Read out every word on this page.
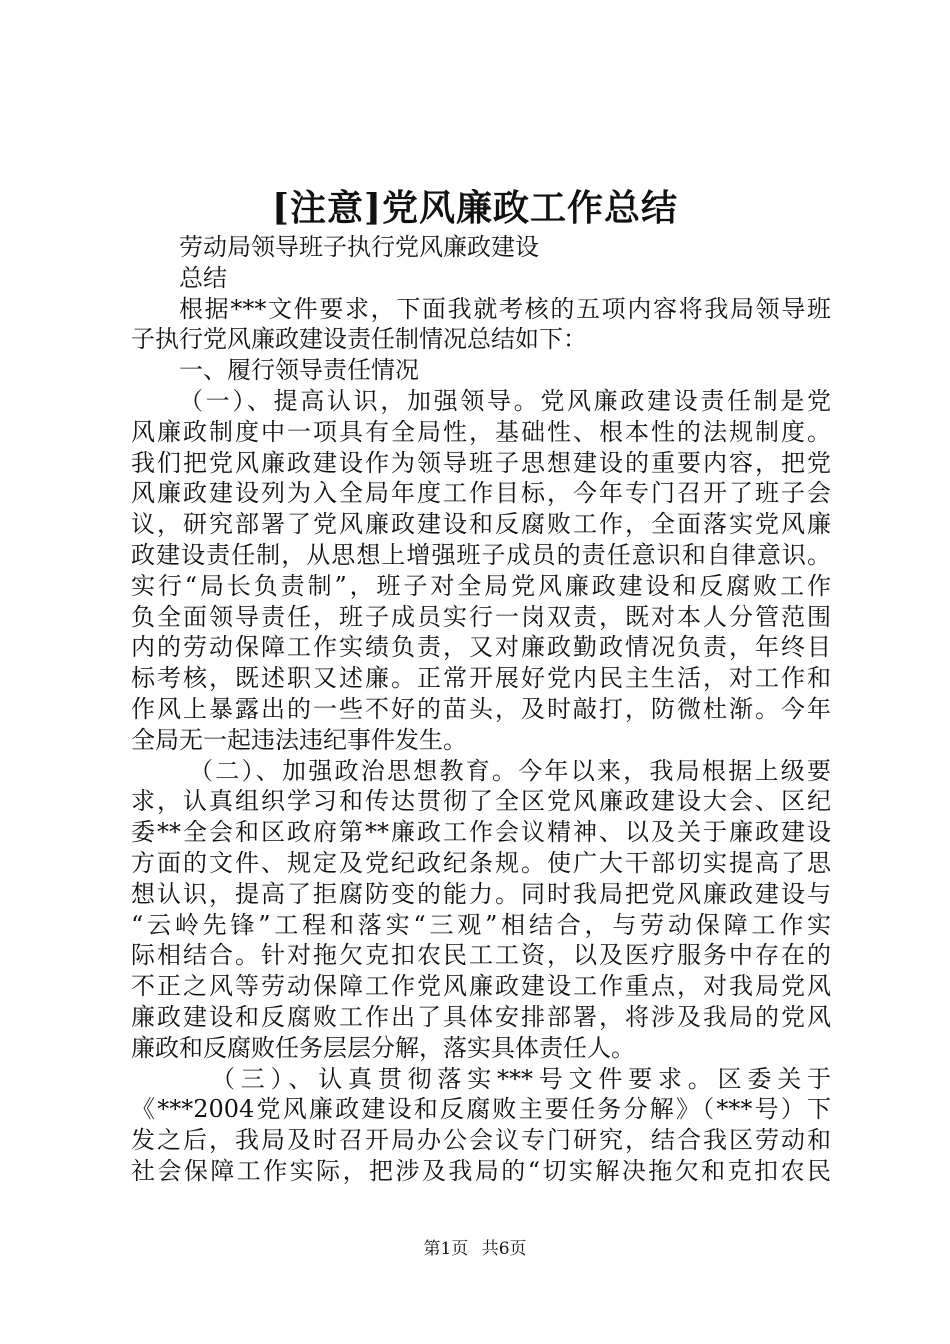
[注意]党风廉政工作总结
劳动局领导班子执行党风廉政建设
总结
根据***文件要求，下面我就考核的五项内容将我局领导班
子执行党风廉政建设责任制情况总结如下：
一、履行领导责任情况
（一）、提高认识，加强领导。党风廉政建设责任制是党
风廉政制度中一项具有全局性，基础性、根本性的法规制度。
我们把党风廉政建设作为领导班子思想建设的重要内容，把党
风廉政建设列为入全局年度工作目标，今年专门召开了班子会
议，研究部署了党风廉政建设和反腐败工作，全面落实党风廉
政建设责任制，从思想上增强班子成员的责任意识和自律意识。
实行“局长负责制”，班子对全局党风廉政建设和反腐败工作
负全面领导责任，班子成员实行一岗双责，既对本人分管范围
内的劳动保障工作实绩负责，又对廉政勤政情况负责，年终目
标考核，既述职又述廉。正常开展好党内民主生活，对工作和
作风上暴露出的一些不好的苗头，及时敲打，防微杜渐。今年
全局无一起违法违纪事件发生。
（二）、加强政治思想教育。今年以来，我局根据上级要
求，认真组织学习和传达贯彻了全区党风廉政建设大会、区纪
委**全会和区政府第**廉政工作会议精神、以及关于廉政建设
方面的文件、规定及党纪政纪条规。使广大干部切实提高了思
想认识，提高了拒腐防变的能力。同时我局把党风廉政建设与
“云岭先锋”工程和落实“三观”相结合，与劳动保障工作实
际相结合。针对拖欠克扣农民工工资，以及医疗服务中存在的
不正之风等劳动保障工作党风廉政建设工作重点，对我局党风
廉政建设和反腐败工作出了具体安排部署，将涉及我局的党风
廉政和反腐败任务层层分解，落实具体责任人。
（三）、认真贯彻落实***号文件要求。区委关于
《***2004党风廉政建设和反腐败主要任务分解》（***号）下
发之后，我局及时召开局办公会议专门研究，结合我区劳动和
社会保障工作实际，把涉及我局的“切实解决拖欠和克扣农民
第1页 共6页
